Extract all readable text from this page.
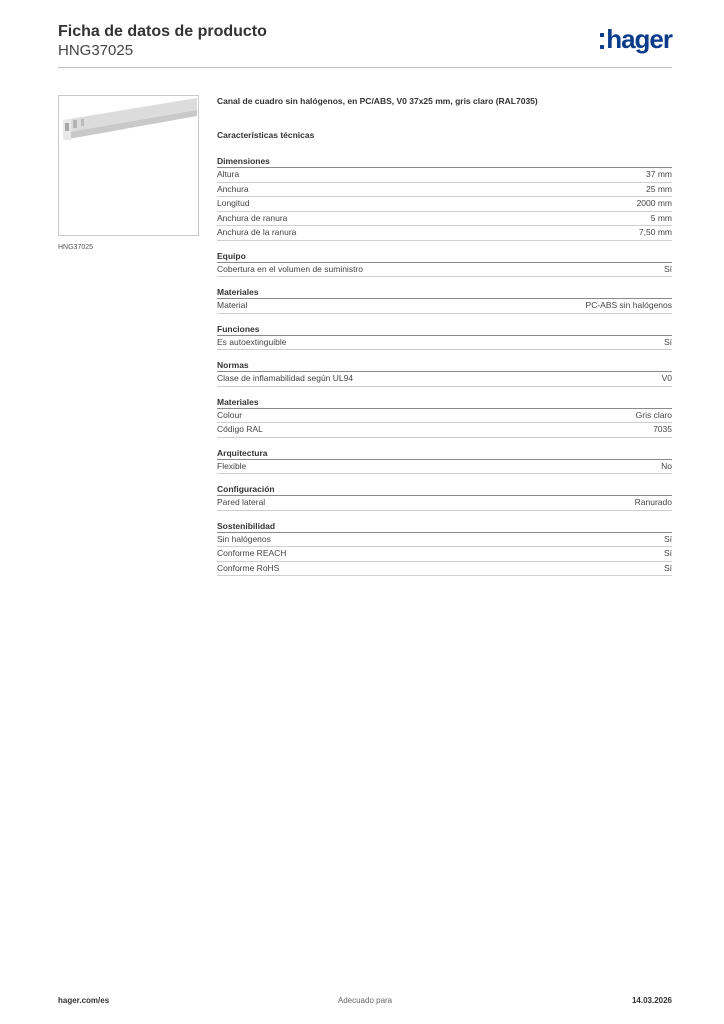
Ficha de datos de producto
HNG37025	hager
HNG37025
Canal de cuadro sin halógenos, en PC/ABS, V0 37x25 mm, gris claro (RAL7035)
Características técnicas
Dimensiones
Altura	37 mm
Anchura	25 mm
Longitud	2000 mm
Anchura de ranura	5 mm
Anchura de la ranura	7,50 mm
Equipo
Cobertura en el volumen de suministro	Sí
Materiales
Material	PC-ABS sin halógenos
Funciones
Es autoextinguible	Sí
Normas
Clase de inflamabilidad según UL94	V0
Materiales
Colour	Gris claro
Código RAL	7035
Arquitectura
Flexible	No
Configuración
Pared lateral	Ranurado
Sostenibilidad
Sin halógenos	Sí
Conforme REACH	Sí
Conforme RoHS	Sí
hager.com/es	Adecuado para	14.03.2026
